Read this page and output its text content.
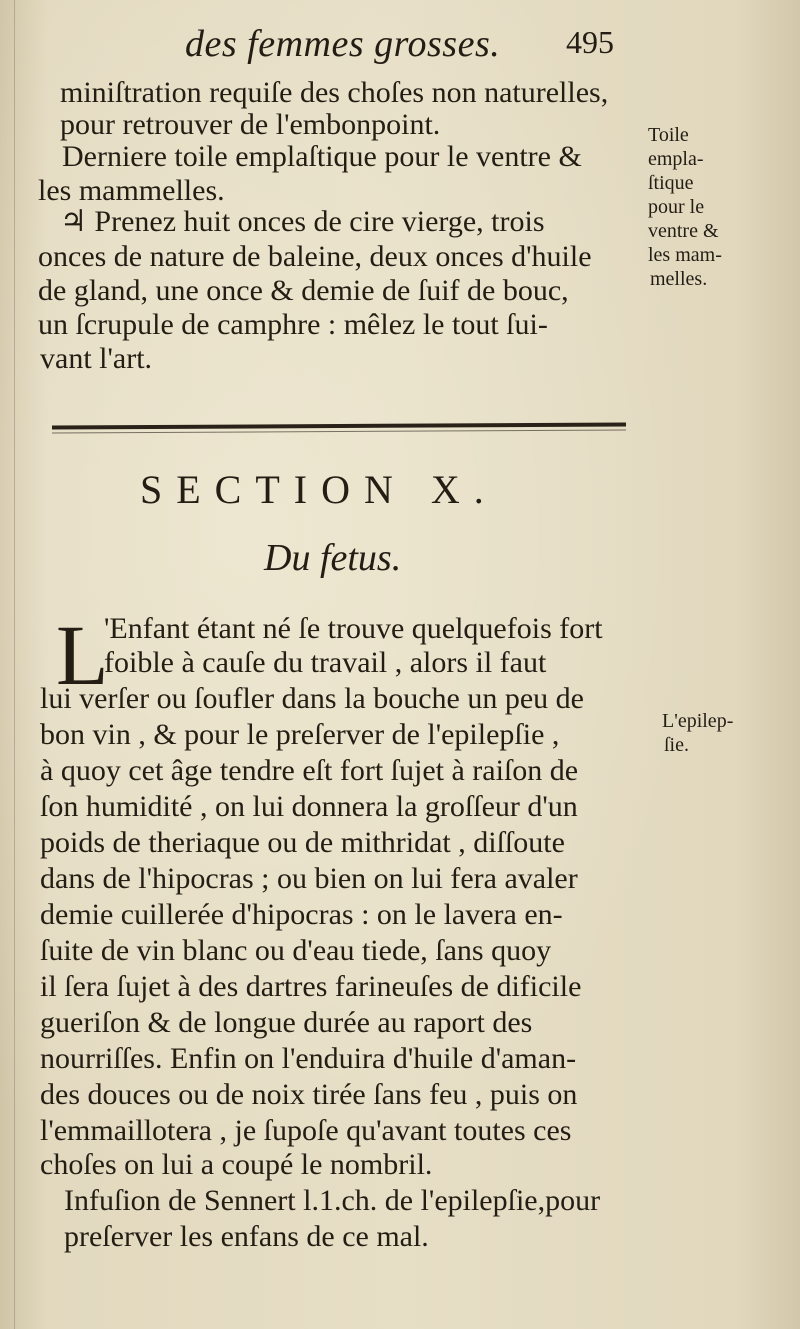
des femmes grosses. 495
miniſtration requiſe des choſes non naturelles,
pour retrouver de l'embonpoint.
Derniere toile emplaſtique pour le ventre &
les mammelles.
♃ Prenez huit onces de cire vierge, trois
onces de nature de baleine, deux onces d'huile
de gland, une once & demie de ſuif de bouc,
un ſcrupule de camphre : mêlez le tout ſui-
vant l'art.
Toile
empla-
ſtique
pour le
ventre &
les mam-
melles.
SECTION X.
Du fetus.
L
'Enfant étant né ſe trouve quelquefois fort
foible à cauſe du travail , alors il faut
lui verſer ou ſoufler dans la bouche un peu de
bon vin , & pour le preſerver de l'epilepſie ,
à quoy cet âge tendre eſt fort ſujet à raiſon de
ſon humidité , on lui donnera la groſſeur d'un
poids de theriaque ou de mithridat , diſſoute
dans de l'hipocras ; ou bien on lui fera avaler
demie cuillerée d'hipocras : on le lavera en-
ſuite de vin blanc ou d'eau tiede, ſans quoy
il ſera ſujet à des dartres farineuſes de dificile
gueriſon & de longue durée au raport des
nourriſſes. Enfin on l'enduira d'huile d'aman-
des douces ou de noix tirée ſans feu , puis on
l'emmaillotera , je ſupoſe qu'avant toutes ces
choſes on lui a coupé le nombril.
Infuſion de Sennert l.1.ch. de l'epilepſie,pour
preſerver les enfans de ce mal.
L'epilep-
ſie.
